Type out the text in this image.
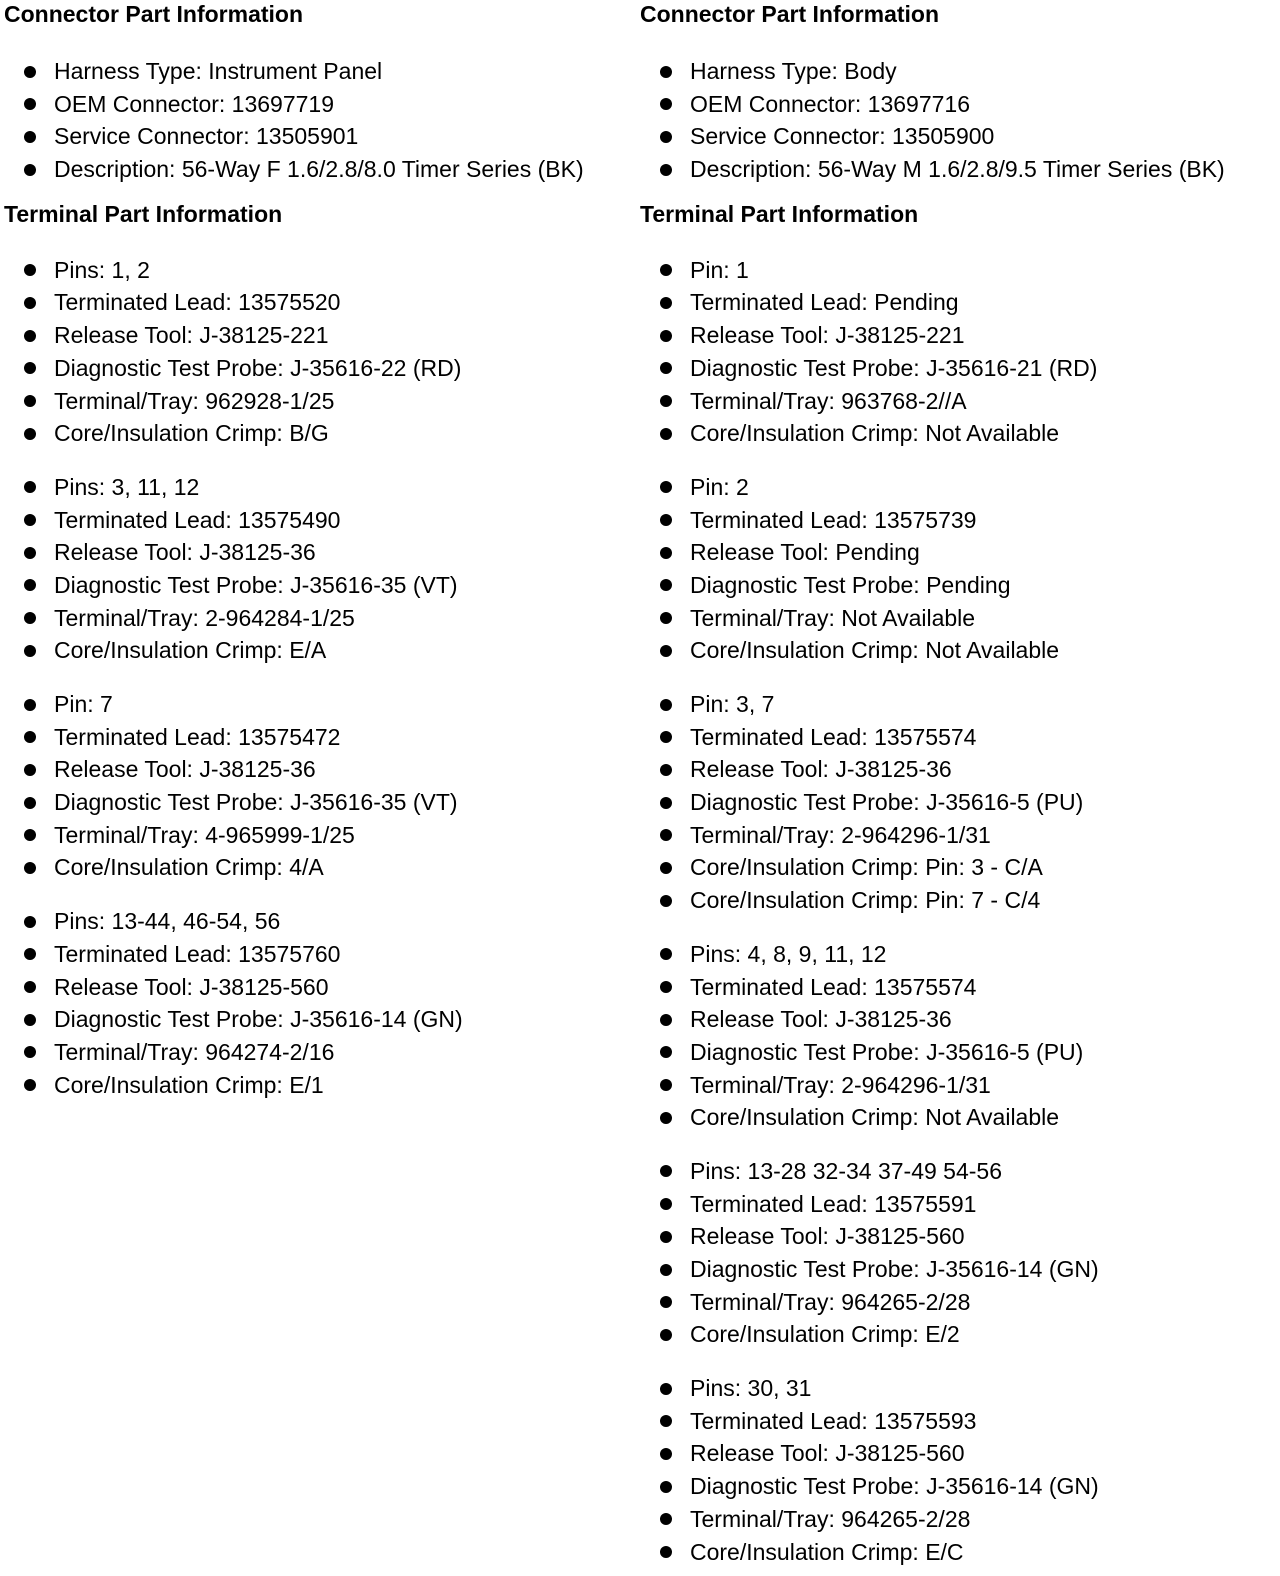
Connector Part Information
Harness Type: Instrument Panel
OEM Connector: 13697719
Service Connector: 13505901
Description: 56-Way F 1.6/2.8/8.0 Timer Series (BK)
Terminal Part Information
Pins: 1, 2
Terminated Lead: 13575520
Release Tool: J-38125-221
Diagnostic Test Probe: J-35616-22 (RD)
Terminal/Tray: 962928-1/25
Core/Insulation Crimp: B/G
Pins: 3, 11, 12
Terminated Lead: 13575490
Release Tool: J-38125-36
Diagnostic Test Probe: J-35616-35 (VT)
Terminal/Tray: 2-964284-1/25
Core/Insulation Crimp: E/A
Pin: 7
Terminated Lead: 13575472
Release Tool: J-38125-36
Diagnostic Test Probe: J-35616-35 (VT)
Terminal/Tray: 4-965999-1/25
Core/Insulation Crimp: 4/A
Pins: 13-44, 46-54, 56
Terminated Lead: 13575760
Release Tool: J-38125-560
Diagnostic Test Probe: J-35616-14 (GN)
Terminal/Tray: 964274-2/16
Core/Insulation Crimp: E/1
Connector Part Information
Harness Type: Body
OEM Connector: 13697716
Service Connector: 13505900
Description: 56-Way M 1.6/2.8/9.5 Timer Series (BK)
Terminal Part Information
Pin: 1
Terminated Lead: Pending
Release Tool: J-38125-221
Diagnostic Test Probe: J-35616-21 (RD)
Terminal/Tray: 963768-2//A
Core/Insulation Crimp: Not Available
Pin: 2
Terminated Lead: 13575739
Release Tool: Pending
Diagnostic Test Probe: Pending
Terminal/Tray: Not Available
Core/Insulation Crimp: Not Available
Pin: 3, 7
Terminated Lead: 13575574
Release Tool: J-38125-36
Diagnostic Test Probe: J-35616-5 (PU)
Terminal/Tray: 2-964296-1/31
Core/Insulation Crimp: Pin: 3 - C/A
Core/Insulation Crimp: Pin: 7 - C/4
Pins: 4, 8, 9, 11, 12
Terminated Lead: 13575574
Release Tool: J-38125-36
Diagnostic Test Probe: J-35616-5 (PU)
Terminal/Tray: 2-964296-1/31
Core/Insulation Crimp: Not Available
Pins: 13-28 32-34 37-49 54-56
Terminated Lead: 13575591
Release Tool: J-38125-560
Diagnostic Test Probe: J-35616-14 (GN)
Terminal/Tray: 964265-2/28
Core/Insulation Crimp: E/2
Pins: 30, 31
Terminated Lead: 13575593
Release Tool: J-38125-560
Diagnostic Test Probe: J-35616-14 (GN)
Terminal/Tray: 964265-2/28
Core/Insulation Crimp: E/C
